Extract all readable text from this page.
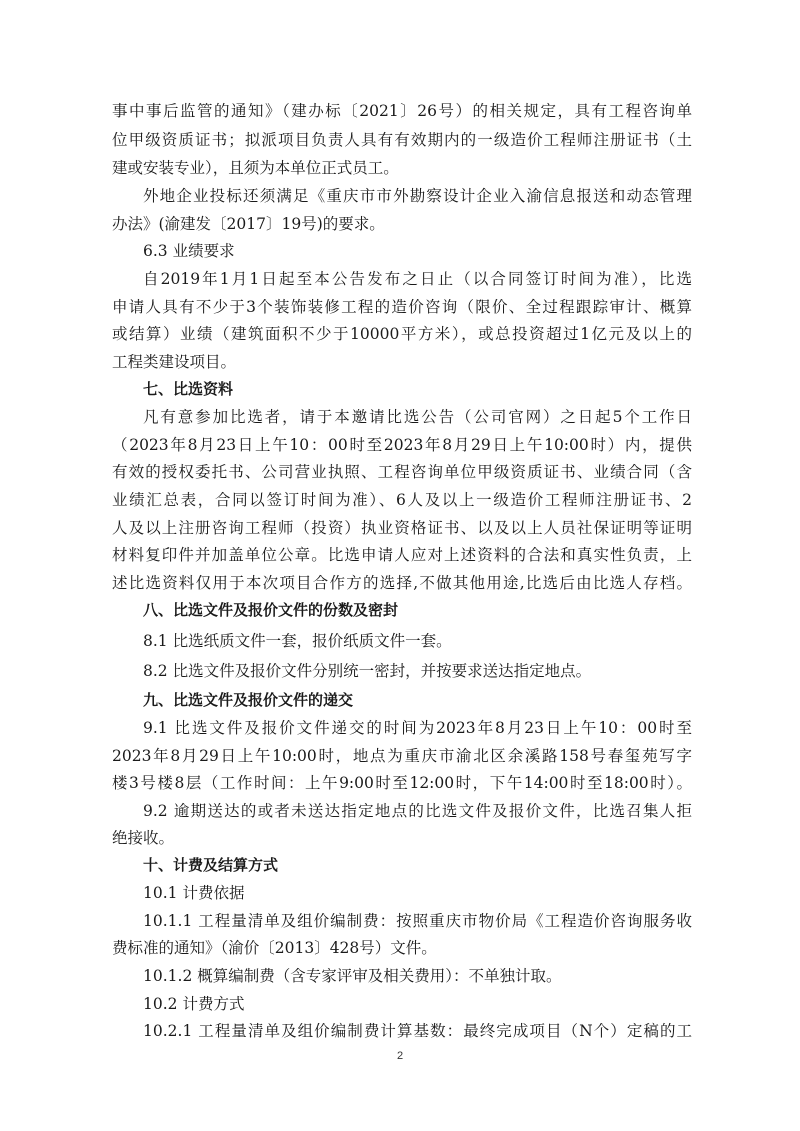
事中事后监管的通知》（建办标〔2021〕26号）的相关规定，具有工程咨询单
位甲级资质证书；拟派项目负责人具有有效期内的一级造价工程师注册证书（土
建或安装专业），且须为本单位正式员工。
外地企业投标还须满足《重庆市市外勘察设计企业入渝信息报送和动态管理
办法》(渝建发〔2017〕19号)的要求。
6.3 业绩要求
自2019年1月1日起至本公告发布之日止（以合同签订时间为准），比选
申请人具有不少于3个装饰装修工程的造价咨询（限价、全过程跟踪审计、概算
或结算）业绩（建筑面积不少于10000平方米），或总投资超过1亿元及以上的
工程类建设项目。
七、比选资料
凡有意参加比选者，请于本邀请比选公告（公司官网）之日起5个工作日
（2023年8月23日上午10：00时至2023年8月29日上午10:00时）内，提供
有效的授权委托书、公司营业执照、工程咨询单位甲级资质证书、业绩合同（含
业绩汇总表，合同以签订时间为准）、6人及以上一级造价工程师注册证书、2
人及以上注册咨询工程师（投资）执业资格证书、以及以上人员社保证明等证明
材料复印件并加盖单位公章。比选申请人应对上述资料的合法和真实性负责，上
述比选资料仅用于本次项目合作方的选择,不做其他用途,比选后由比选人存档。
八、比选文件及报价文件的份数及密封
8.1 比选纸质文件一套，报价纸质文件一套。
8.2 比选文件及报价文件分别统一密封，并按要求送达指定地点。
九、比选文件及报价文件的递交
9.1 比选文件及报价文件递交的时间为2023年8月23日上午10：00时至
2023年8月29日上午10:00时，地点为重庆市渝北区余溪路158号春玺苑写字
楼3号楼8层（工作时间：上午9:00时至12:00时，下午14:00时至18:00时）。
9.2 逾期送达的或者未送达指定地点的比选文件及报价文件，比选召集人拒
绝接收。
十、计费及结算方式
10.1 计费依据
10.1.1 工程量清单及组价编制费：按照重庆市物价局《工程造价咨询服务收
费标准的通知》（渝价〔2013〕428号）文件。
10.1.2 概算编制费（含专家评审及相关费用）：不单独计取。
10.2 计费方式
10.2.1 工程量清单及组价编制费计算基数：最终完成项目（N个）定稿的工
2
